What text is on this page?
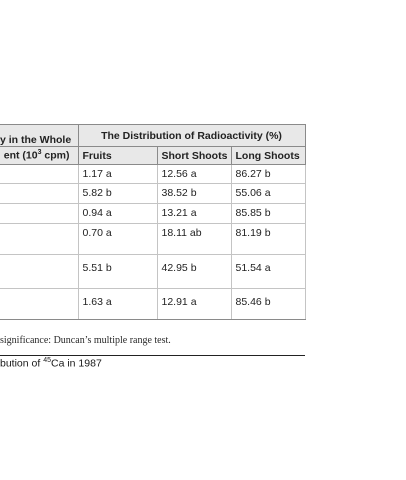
y in the Whole	The Distribution of Radioactivity (%)		
ent ($10^3$ cpm)	Fruits	Short Shoots	Long Shoots
	1.17 a	12.56 a	86.27 b
	5.82 b	38.52 b	55.06 a
	0.94 a	13.21 a	85.85 b
	0.70 a	18.11 ab	81.19 b
	5.51 b	42.95 b	51.54 a
	1.63 a	12.91 a	85.46 b
significance: Duncan’s multiple range test.
bution of $^{45}$Ca in 1987
